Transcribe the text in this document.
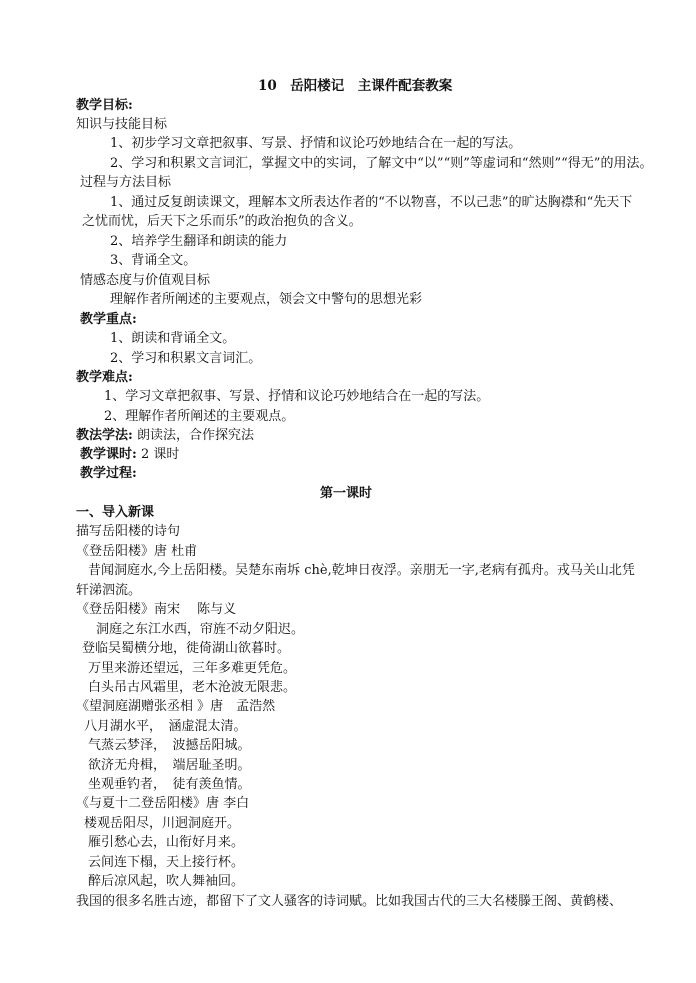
10　岳阳楼记　主课件配套教案
教学目标:
知识与技能目标
1、初步学习文章把叙事、写景、抒情和议论巧妙地结合在一起的写法。
2、学习和积累文言词汇，掌握文中的实词，了解文中“以”“则”等虚词和“然则”“得无”的用法。
过程与方法目标
1、通过反复朗读课文，理解本文所表达作者的“不以物喜，不以己悲”的旷达胸襟和“先天下
之忧而忧，后天下之乐而乐”的政治抱负的含义。
2、培养学生翻译和朗读的能力
3、背诵全文。
情感态度与价值观目标
理解作者所阐述的主要观点，领会文中警句的思想光彩
教学重点:
1、朗读和背诵全文。
2、学习和积累文言词汇。
教学难点:
1、学习文章把叙事、写景、抒情和议论巧妙地结合在一起的写法。
2、理解作者所阐述的主要观点。
教法学法: 朗读法，合作探究法
教学课时: 2 课时
教学过程:
第一课时
一、导入新课
描写岳阳楼的诗句
《登岳阳楼》唐 杜甫
昔闻洞庭水,今上岳阳楼。吴楚东南坼 chè,乾坤日夜浮。亲朋无一字,老病有孤舟。戎马关山北凭
轩涕泗流。
《登岳阳楼》南宋　 陈与义
洞庭之东江水西，帘旌不动夕阳迟。
登临吴蜀横分地，徙倚湖山欲暮时。
万里来游还望远，三年多难更凭危。
白头吊古风霜里，老木沧波无限悲。
《望洞庭湖赠张丞相 》唐　孟浩然
八月湖水平，　涵虚混太清。
气蒸云梦泽，　波撼岳阳城。
欲济无舟楫，　端居耻圣明。
坐观垂钓者，　徒有羡鱼情。
《与夏十二登岳阳楼》唐 李白
楼观岳阳尽，川迥洞庭开。
雁引愁心去，山衔好月来。
云间连下榻，天上接行杯。
醉后凉风起，吹人舞袖回。
我国的很多名胜古迹，都留下了文人骚客的诗词赋。比如我国古代的三大名楼滕王阁、黄鹤楼、
